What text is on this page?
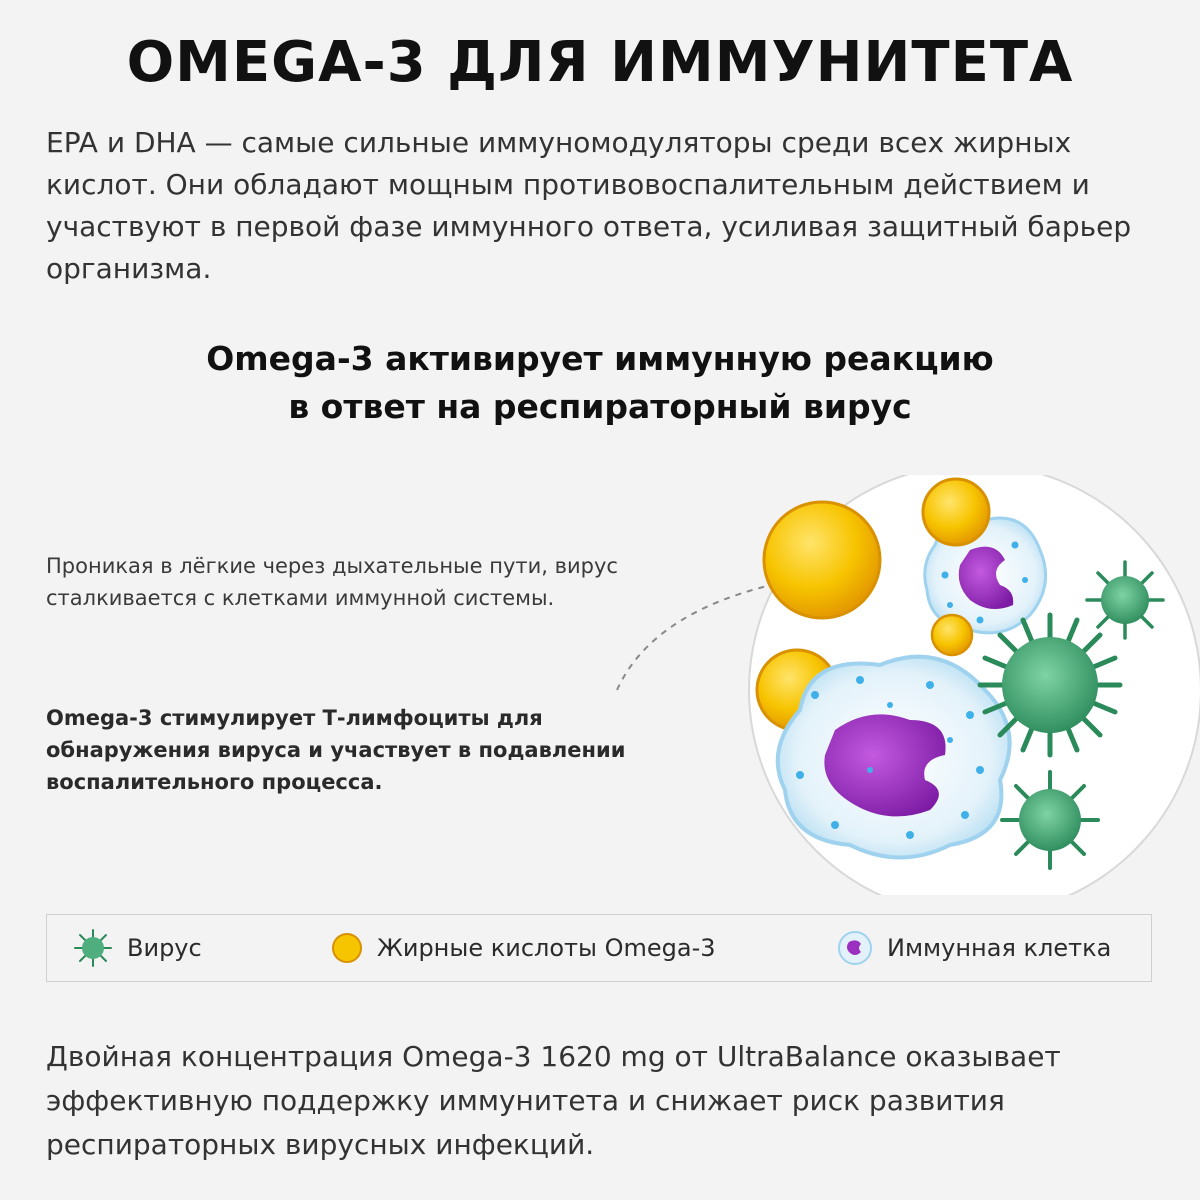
OMEGA-3 ДЛЯ ИММУНИТЕТА
EPA и DHA — самые сильные иммуномодуляторы среди всех жирных кислот. Они обладают мощным противовоспалительным действием и участвуют в первой фазе иммунного ответа, усиливая защитный барьер организма.
Omega-3 активирует иммунную реакцию
в ответ на респираторный вирус
Проникая в лёгкие через дыхательные пути, вирус сталкивается с клетками иммунной системы.
Omega-3 стимулирует Т-лимфоциты для обнаружения вируса и участвует в подавлении воспалительного процесса.
Вирус	Жирные кислоты Omega-3	Иммунная клетка
Двойная концентрация Omega-3 1620 mg от UltraBalance оказывает эффективную поддержку иммунитета и снижает риск развития респираторных вирусных инфекций.
